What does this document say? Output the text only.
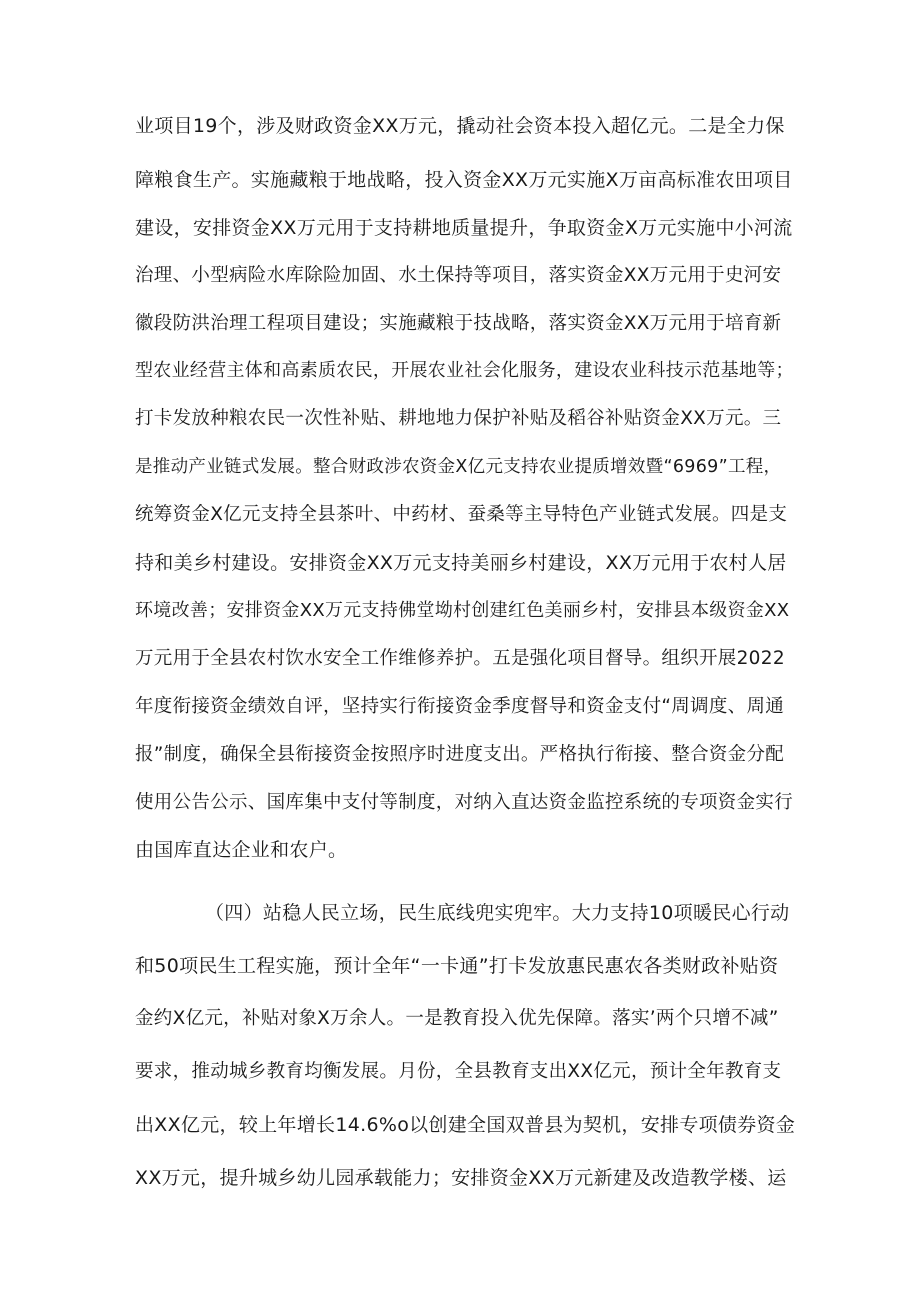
业项目19个，涉及财政资金XX万元，撬动社会资本投入超亿元。二是全力保
障粮食生产。实施藏粮于地战略，投入资金XX万元实施X万亩高标准农田项目
建设，安排资金XX万元用于支持耕地质量提升，争取资金X万元实施中小河流
治理、小型病险水库除险加固、水土保持等项目，落实资金XX万元用于史河安
徽段防洪治理工程项目建设；实施藏粮于技战略，落实资金XX万元用于培育新
型农业经营主体和高素质农民，开展农业社会化服务，建设农业科技示范基地等；
打卡发放种粮农民一次性补贴、耕地地力保护补贴及稻谷补贴资金XX万元。三
是推动产业链式发展。整合财政涉农资金X亿元支持农业提质增效暨“6969”工程，
统筹资金X亿元支持全县茶叶、中药材、蚕桑等主导特色产业链式发展。四是支
持和美乡村建设。安排资金XX万元支持美丽乡村建设，XX万元用于农村人居
环境改善；安排资金XX万元支持佛堂坳村创建红色美丽乡村，安排县本级资金XX
万元用于全县农村饮水安全工作维修养护。五是强化项目督导。组织开展2022
年度衔接资金绩效自评，坚持实行衔接资金季度督导和资金支付“周调度、周通
报”制度，确保全县衔接资金按照序时进度支出。严格执行衔接、整合资金分配
使用公告公示、国库集中支付等制度，对纳入直达资金监控系统的专项资金实行
由国库直达企业和农户。
（四）站稳人民立场，民生底线兜实兜牢。大力支持10项暖民心行动
和50项民生工程实施，预计全年“一卡通”打卡发放惠民惠农各类财政补贴资
金约X亿元，补贴对象X万余人。一是教育投入优先保障。落实’两个只增不减”
要求，推动城乡教育均衡发展。月份，全县教育支出XX亿元，预计全年教育支
出XX亿元，较上年增长14.6%o以创建全国双普县为契机，安排专项债券资金
XX万元，提升城乡幼儿园承载能力；安排资金XX万元新建及改造教学楼、运
